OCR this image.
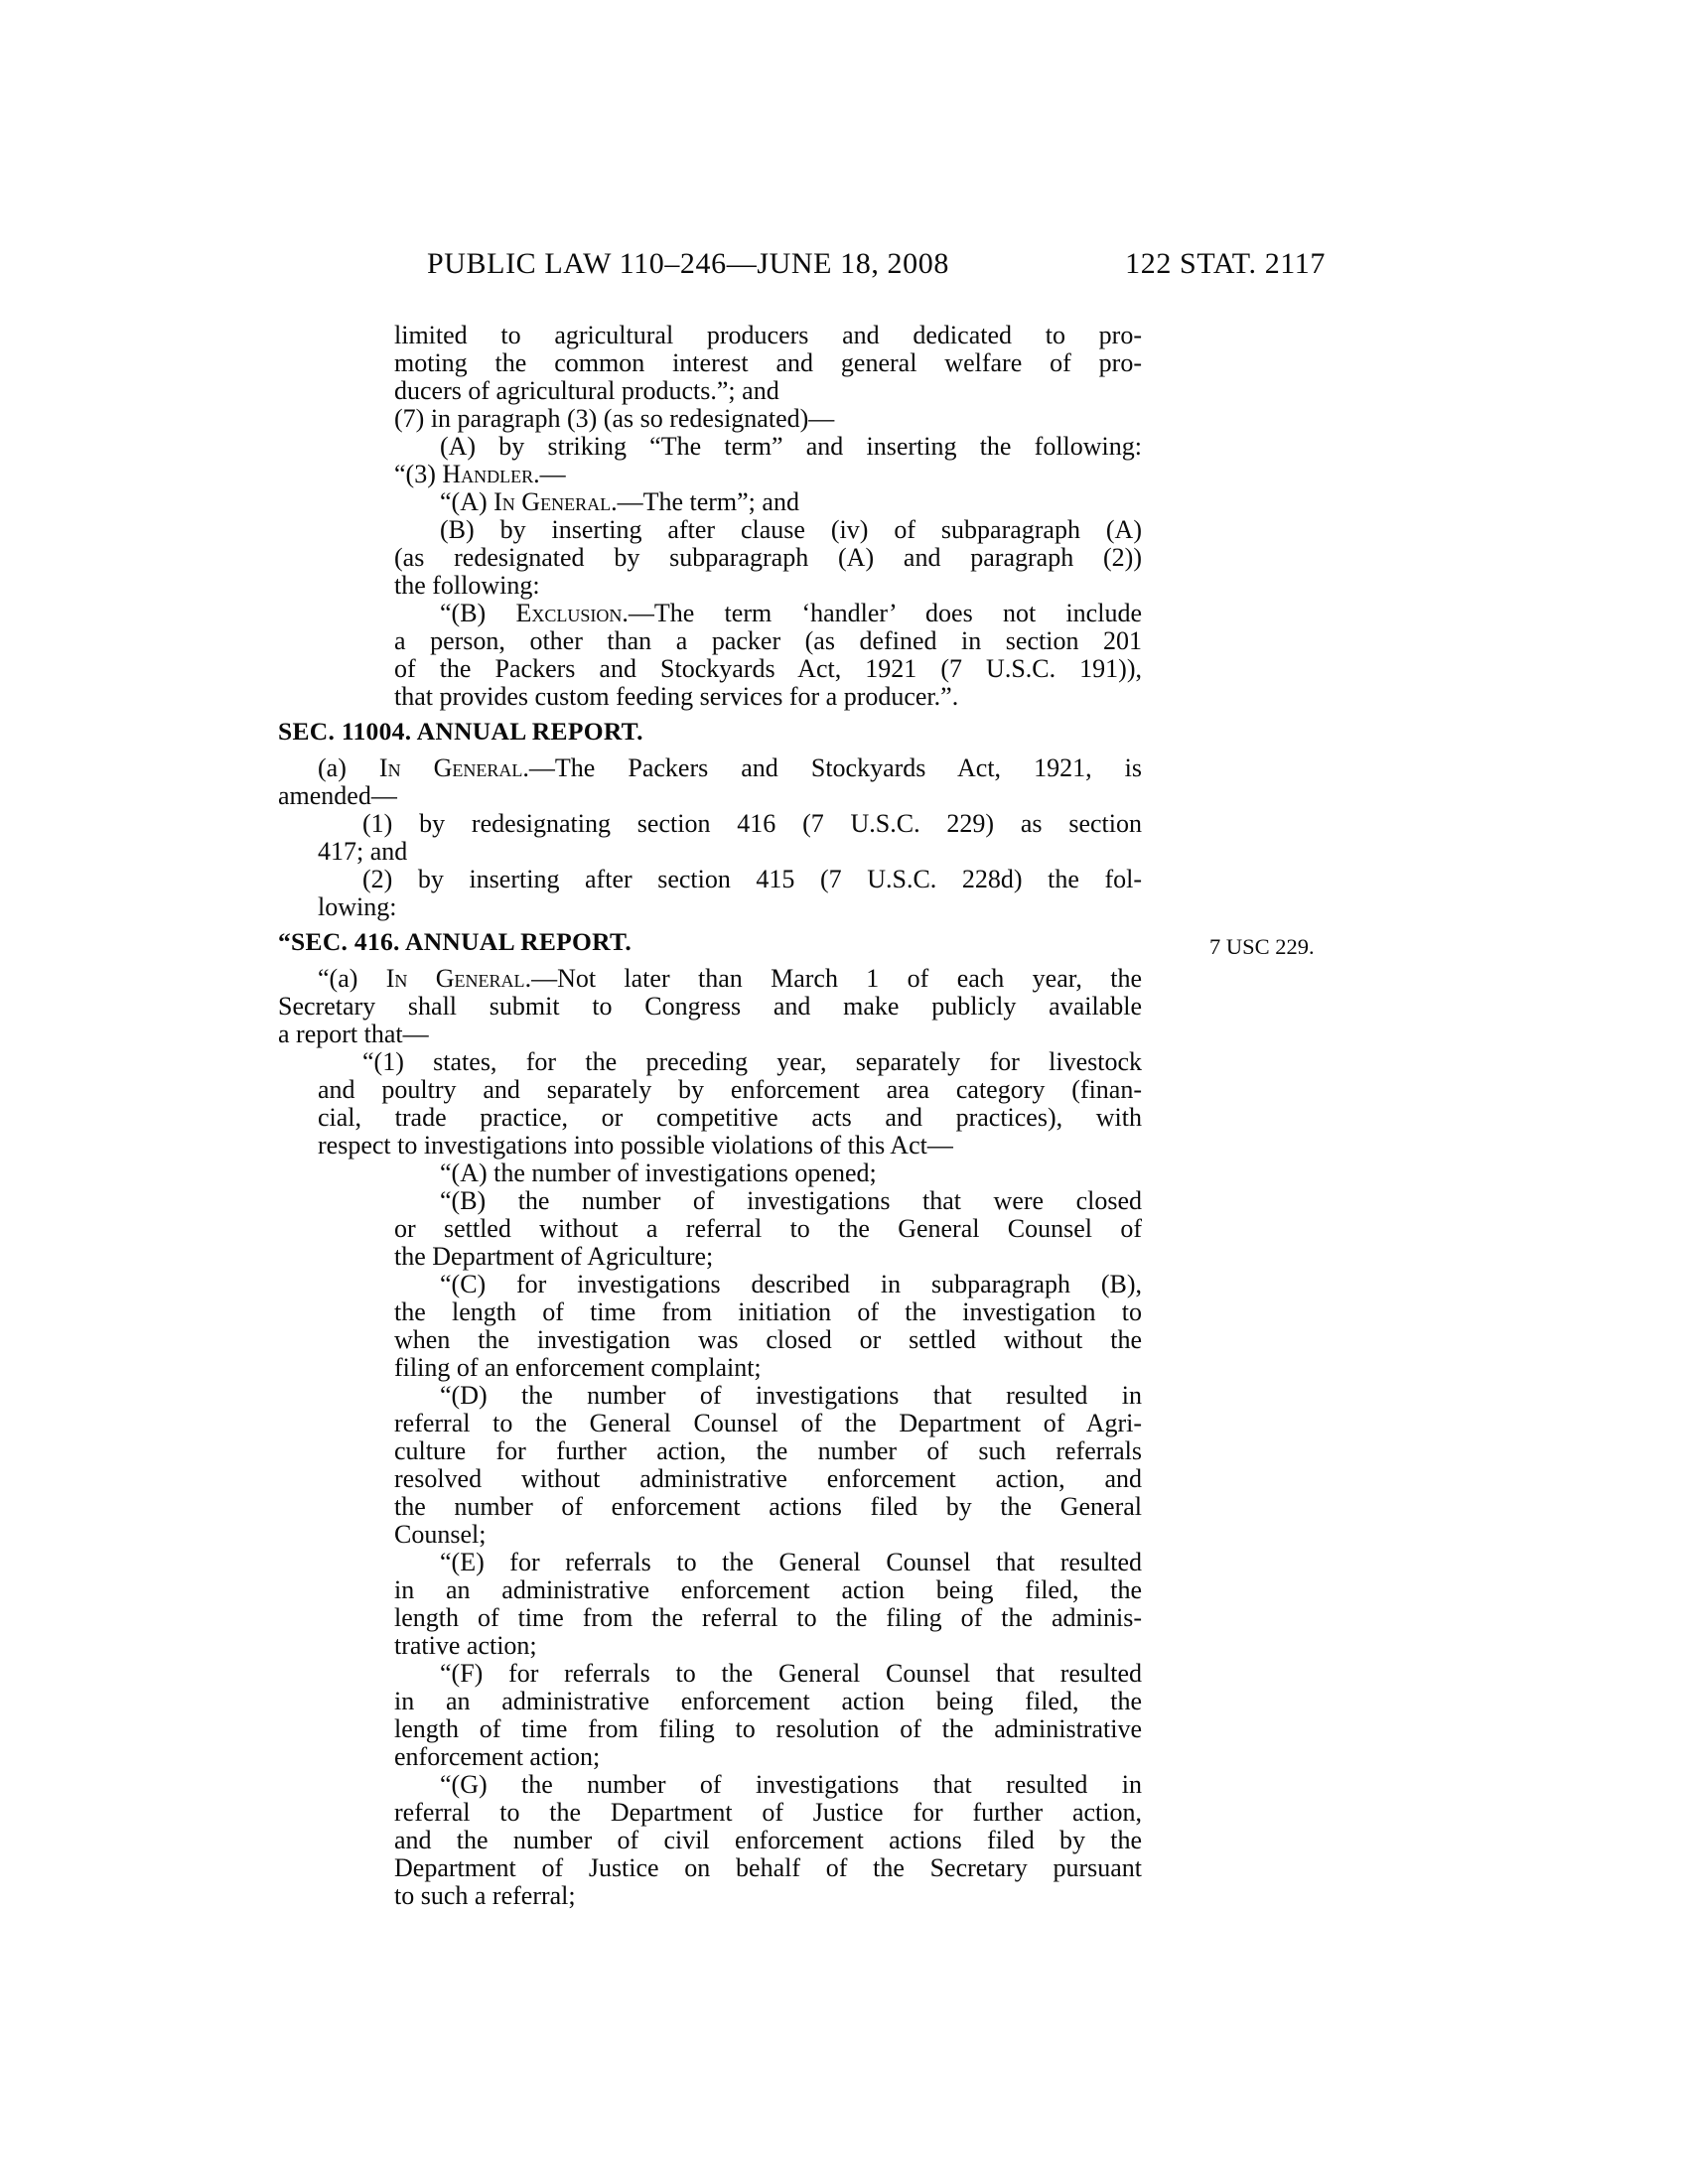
PUBLIC LAW 110–246—JUNE 18, 2008	122 STAT. 2117
7 USC 229.
limited to agricultural producers and dedicated to pro-
moting the common interest and general welfare of pro-
ducers of agricultural products.”; and
(7) in paragraph (3) (as so redesignated)—
(A) by striking “The term” and inserting the following:
“(3) Handler.—
“(A) In General.—The term”; and
(B) by inserting after clause (iv) of subparagraph (A)
(as redesignated by subparagraph (A) and paragraph (2))
the following:
“(B) Exclusion.—The term ‘handler’ does not include
a person, other than a packer (as defined in section 201
of the Packers and Stockyards Act, 1921 (7 U.S.C. 191)),
that provides custom feeding services for a producer.”.
SEC. 11004. ANNUAL REPORT.
(a) In General.—The Packers and Stockyards Act, 1921, is
amended—
(1) by redesignating section 416 (7 U.S.C. 229) as section
417; and
(2) by inserting after section 415 (7 U.S.C. 228d) the fol-
lowing:
“SEC. 416. ANNUAL REPORT.
“(a) In General.—Not later than March 1 of each year, the
Secretary shall submit to Congress and make publicly available
a report that—
“(1) states, for the preceding year, separately for livestock
and poultry and separately by enforcement area category (finan-
cial, trade practice, or competitive acts and practices), with
respect to investigations into possible violations of this Act—
“(A) the number of investigations opened;
“(B) the number of investigations that were closed
or settled without a referral to the General Counsel of
the Department of Agriculture;
“(C) for investigations described in subparagraph (B),
the length of time from initiation of the investigation to
when the investigation was closed or settled without the
filing of an enforcement complaint;
“(D) the number of investigations that resulted in
referral to the General Counsel of the Department of Agri-
culture for further action, the number of such referrals
resolved without administrative enforcement action, and
the number of enforcement actions filed by the General
Counsel;
“(E) for referrals to the General Counsel that resulted
in an administrative enforcement action being filed, the
length of time from the referral to the filing of the adminis-
trative action;
“(F) for referrals to the General Counsel that resulted
in an administrative enforcement action being filed, the
length of time from filing to resolution of the administrative
enforcement action;
“(G) the number of investigations that resulted in
referral to the Department of Justice for further action,
and the number of civil enforcement actions filed by the
Department of Justice on behalf of the Secretary pursuant
to such a referral;
